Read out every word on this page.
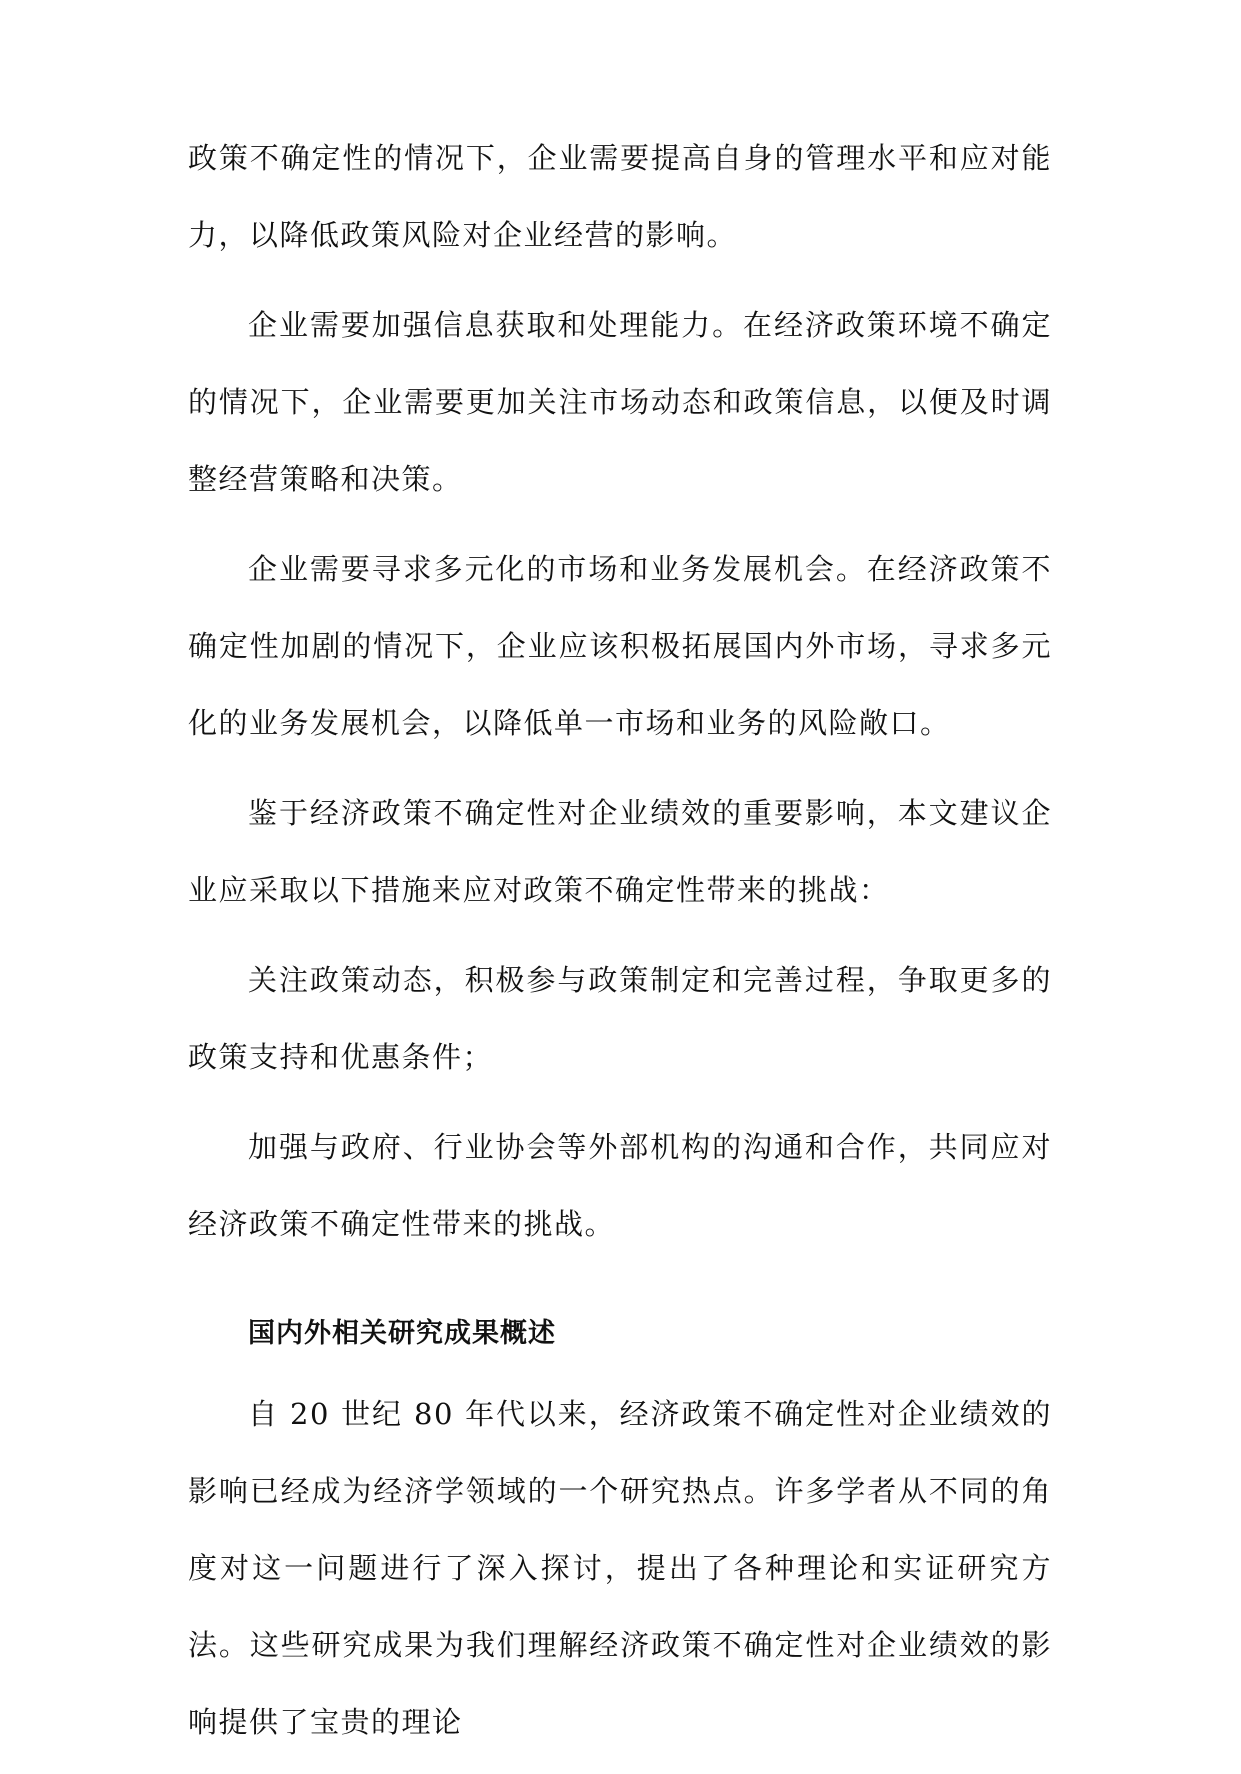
政策不确定性的情况下，企业需要提高自身的管理水平和应对能力，以降低政策风险对企业经营的影响。

企业需要加强信息获取和处理能力。在经济政策环境不确定的情况下，企业需要更加关注市场动态和政策信息，以便及时调整经营策略和决策。

企业需要寻求多元化的市场和业务发展机会。在经济政策不确定性加剧的情况下，企业应该积极拓展国内外市场，寻求多元化的业务发展机会，以降低单一市场和业务的风险敞口。

鉴于经济政策不确定性对企业绩效的重要影响，本文建议企业应采取以下措施来应对政策不确定性带来的挑战：

关注政策动态，积极参与政策制定和完善过程，争取更多的政策支持和优惠条件；

加强与政府、行业协会等外部机构的沟通和合作，共同应对经济政策不确定性带来的挑战。

国内外相关研究成果概述

自 20 世纪 80 年代以来，经济政策不确定性对企业绩效的影响已经成为经济学领域的一个研究热点。许多学者从不同的角度对这一问题进行了深入探讨，提出了各种理论和实证研究方法。这些研究成果为我们理解经济政策不确定性对企业绩效的影响提供了宝贵的理论
